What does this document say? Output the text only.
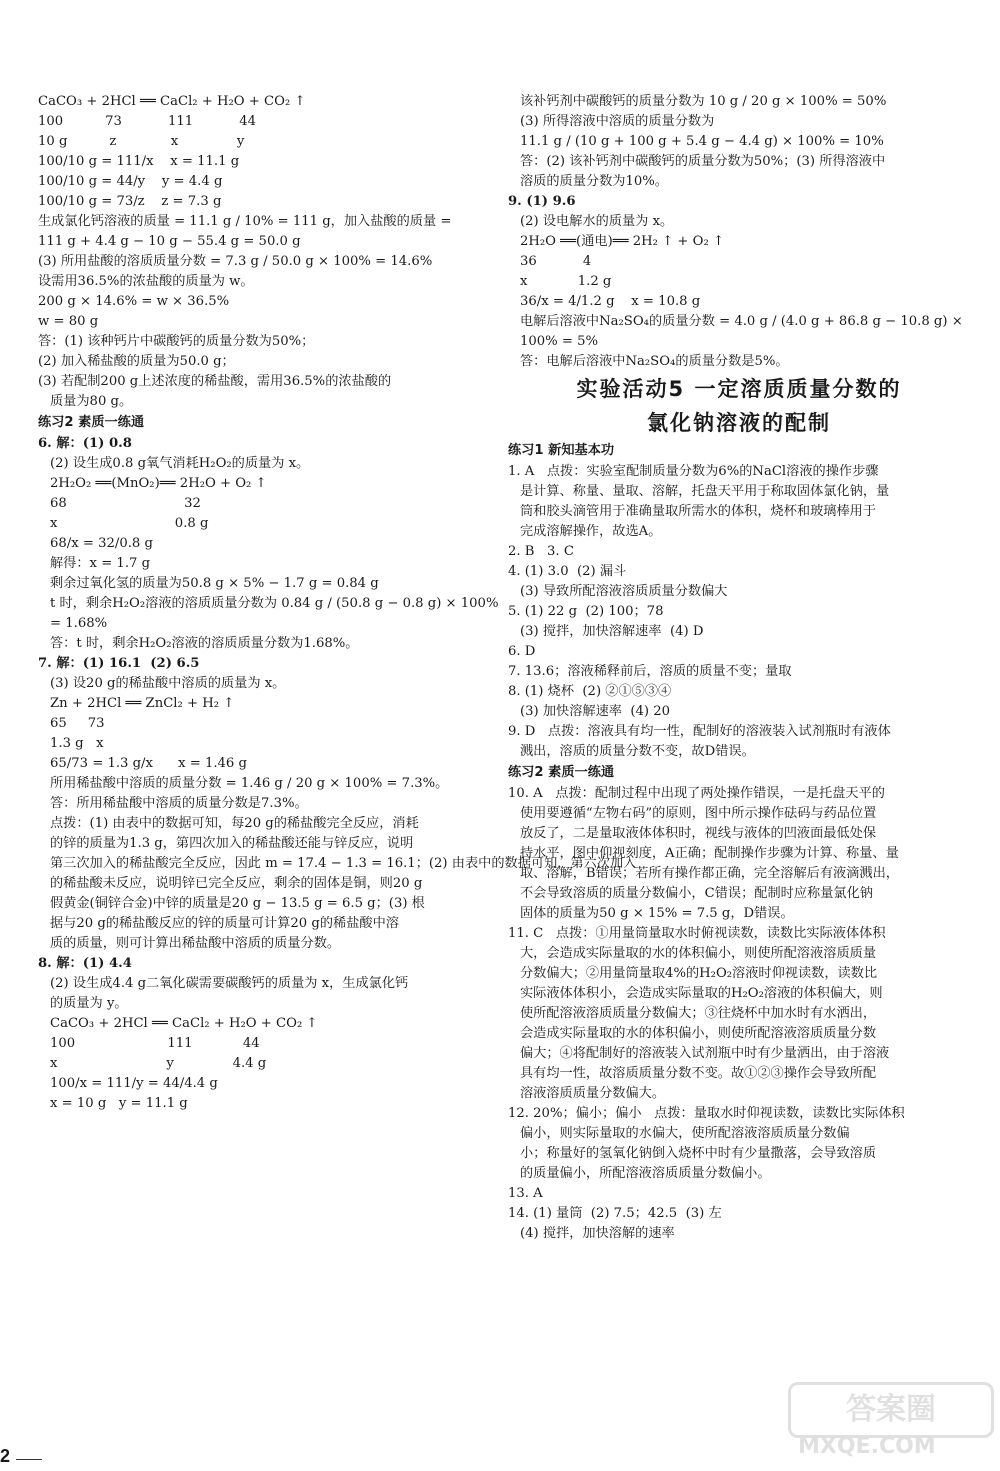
CaCO₃ + 2HCl ══ CaCl₂ + H₂O + CO₂ ↑
100          73           111           44
10 g          z             x              y
100/10 g = 111/x    x = 11.1 g
100/10 g = 44/y    y = 4.4 g
100/10 g = 73/z    z = 7.3 g
生成氯化钙溶液的质量 = 11.1 g / 10% = 111 g，加入盐酸的质量 =
111 g + 4.4 g − 10 g − 55.4 g = 50.0 g
(3) 所用盐酸的溶质质量分数 = 7.3 g / 50.0 g × 100% = 14.6%
设需用36.5%的浓盐酸的质量为 w。
200 g × 14.6% = w × 36.5%
w = 80 g
答：(1) 该种钙片中碳酸钙的质量分数为50%；
(2) 加入稀盐酸的质量为50.0 g；
(3) 若配制200 g上述浓度的稀盐酸，需用36.5%的浓盐酸的
质量为80 g。
练习2 素质一练通
6. 解：(1) 0.8
(2) 设生成0.8 g氧气消耗H₂O₂的质量为 x。
2H₂O₂ ══(MnO₂)══ 2H₂O + O₂ ↑
68                            32
x                            0.8 g
68/x = 32/0.8 g
解得：x = 1.7 g
剩余过氧化氢的质量为50.8 g × 5% − 1.7 g = 0.84 g
t 时，剩余H₂O₂溶液的溶质质量分数为 0.84 g / (50.8 g − 0.8 g) × 100%
= 1.68%
答：t 时，剩余H₂O₂溶液的溶质质量分数为1.68%。
7. 解：(1) 16.1  (2) 6.5
(3) 设20 g的稀盐酸中溶质的质量为 x。
Zn + 2HCl ══ ZnCl₂ + H₂ ↑
65     73
1.3 g   x
65/73 = 1.3 g/x      x = 1.46 g
所用稀盐酸中溶质的质量分数 = 1.46 g / 20 g × 100% = 7.3%。
答：所用稀盐酸中溶质的质量分数是7.3%。
点拨：(1) 由表中的数据可知，每20 g的稀盐酸完全反应，消耗
的锌的质量为1.3 g，第四次加入的稀盐酸还能与锌反应，说明
第三次加入的稀盐酸完全反应，因此 m = 17.4 − 1.3 = 16.1；(2) 由表中的数据可知，第六次加入
的稀盐酸未反应，说明锌已完全反应，剩余的固体是铜，则20 g
假黄金(铜锌合金)中锌的质量是20 g − 13.5 g = 6.5 g；(3) 根
据与20 g的稀盐酸反应的锌的质量可计算20 g的稀盐酸中溶
质的质量，则可计算出稀盐酸中溶质的质量分数。
8. 解：(1) 4.4
(2) 设生成4.4 g二氧化碳需要碳酸钙的质量为 x，生成氯化钙
的质量为 y。
CaCO₃ + 2HCl ══ CaCl₂ + H₂O + CO₂ ↑
100                      111            44
x                          y              4.4 g
100/x = 111/y = 44/4.4 g
x = 10 g   y = 11.1 g
该补钙剂中碳酸钙的质量分数为 10 g / 20 g × 100% = 50%
(3) 所得溶液中溶质的质量分数为
11.1 g / (10 g + 100 g + 5.4 g − 4.4 g) × 100% = 10%
答：(2) 该补钙剂中碳酸钙的质量分数为50%；(3) 所得溶液中
溶质的质量分数为10%。
9. (1) 9.6
(2) 设电解水的质量为 x。
2H₂O ══(通电)══ 2H₂ ↑ + O₂ ↑
36           4
x            1.2 g
36/x = 4/1.2 g    x = 10.8 g
电解后溶液中Na₂SO₄的质量分数 = 4.0 g / (4.0 g + 86.8 g − 10.8 g) ×
100% = 5%
答：电解后溶液中Na₂SO₄的质量分数是5%。
实验活动5 一定溶质质量分数的
氯化钠溶液的配制
练习1 新知基本功
1. A   点拨：实验室配制质量分数为6%的NaCl溶液的操作步骤
是计算、称量、量取、溶解，托盘天平用于称取固体氯化钠，量
筒和胶头滴管用于准确量取所需水的体积，烧杯和玻璃棒用于
完成溶解操作，故选A。
2. B   3. C
4. (1) 3.0  (2) 漏斗
(3) 导致所配溶液溶质质量分数偏大
5. (1) 22 g  (2) 100；78
(3) 搅拌，加快溶解速率  (4) D
6. D
7. 13.6；溶液稀释前后，溶质的质量不变；量取
8. (1) 烧杯  (2) ②①⑤③④
(3) 加快溶解速率  (4) 20
9. D   点拨：溶液具有均一性，配制好的溶液装入试剂瓶时有液体
溅出，溶质的质量分数不变，故D错误。
练习2 素质一练通
10. A   点拨：配制过程中出现了两处操作错误，一是托盘天平的
使用要遵循“左物右码”的原则，图中所示操作砝码与药品位置
放反了，二是量取液体体积时，视线与液体的凹液面最低处保
持水平，图中仰视刻度，A正确；配制操作步骤为计算、称量、量
取、溶解，B错误；若所有操作都正确，完全溶解后有液滴溅出，
不会导致溶质的质量分数偏小，C错误；配制时应称量氯化钠
固体的质量为50 g × 15% = 7.5 g，D错误。
11. C   点拨：①用量筒量取水时俯视读数，读数比实际液体体积
大，会造成实际量取的水的体积偏小，则使所配溶液溶质质量
分数偏大；②用量筒量取4%的H₂O₂溶液时仰视读数，读数比
实际液体体积小，会造成实际量取的H₂O₂溶液的体积偏大，则
使所配溶液溶质质量分数偏大；③往烧杯中加水时有水洒出，
会造成实际量取的水的体积偏小，则使所配溶液溶质质量分数
偏大；④将配制好的溶液装入试剂瓶中时有少量洒出，由于溶液
具有均一性，故溶质质量分数不变。故①②③操作会导致所配
溶液溶质质量分数偏大。
12. 20%；偏小；偏小   点拨：量取水时仰视读数，读数比实际体积
偏小，则实际量取的水偏大，使所配溶液溶质质量分数偏
小；称量好的氢氧化钠倒入烧杯中时有少量撒落，会导致溶质
的质量偏小，所配溶液溶质质量分数偏小。
13. A
14. (1) 量筒  (2) 7.5；42.5  (3) 左
(4) 搅拌，加快溶解的速率
2
答案圈
MXQE.COM
